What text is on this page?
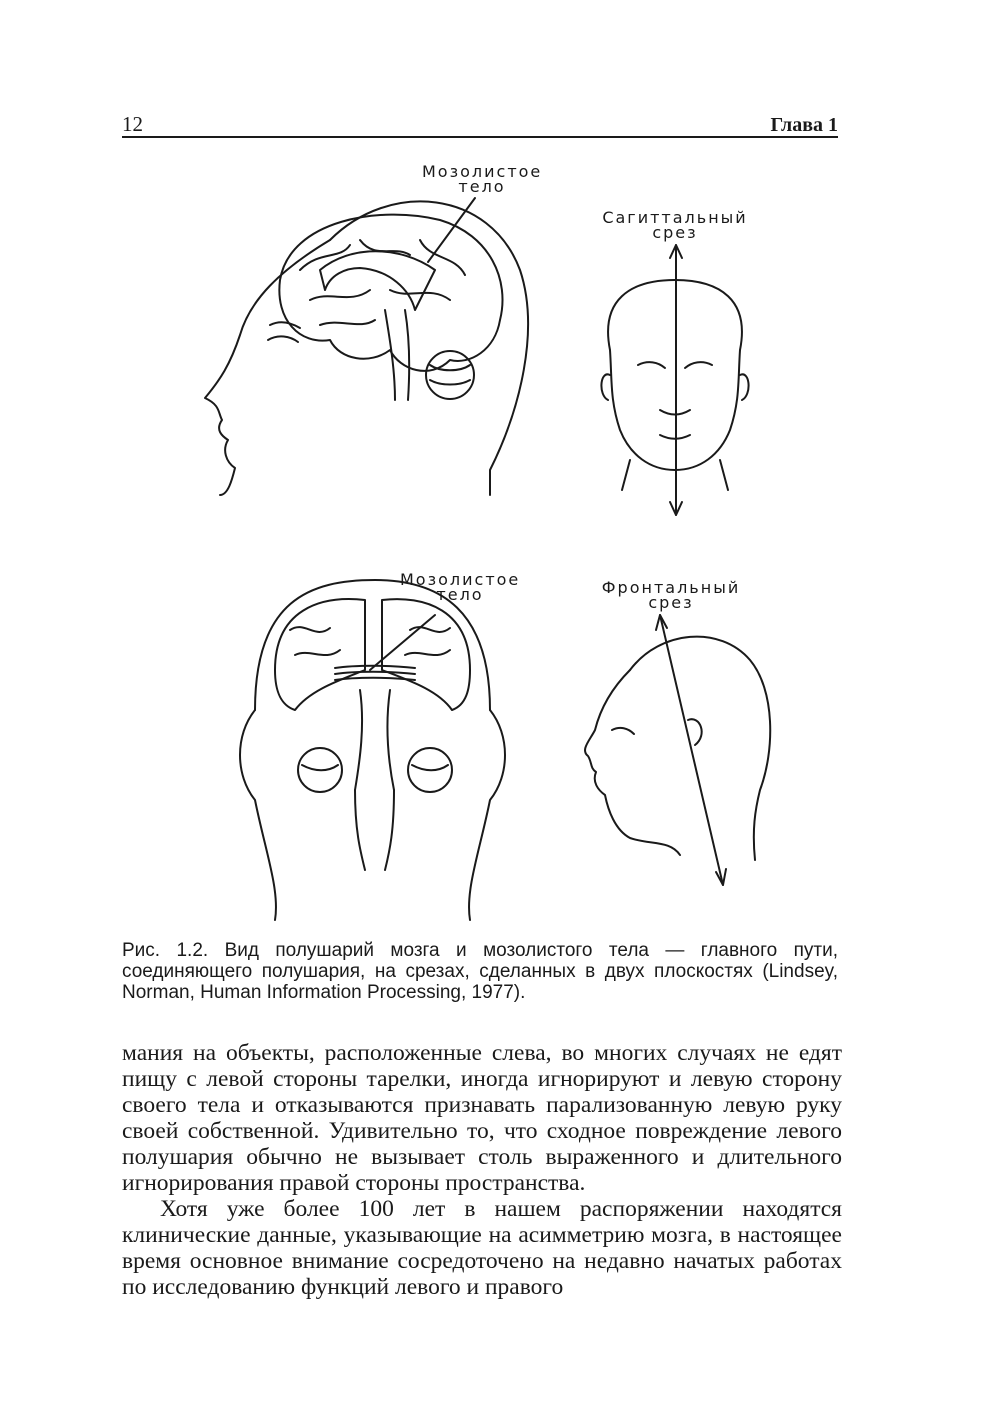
12	Глава 1
Мозолистое
тело
Сагиттальный
срез
Мозолистое
тело	Фронтальный
срез
Рис. 1.2. Вид полушарий мозга и мозолистого тела — главного пути, соединяющего полушария, на срезах, сделанных в двух плоскостях (Lindsey, Norman, Human Information Processing, 1977).

мания на объекты, расположенные слева, во многих случаях не едят пищу с левой стороны тарелки, иногда игнорируют и левую сторону своего тела и отказываются признавать парализованную левую руку своей собственной. Удивительно то, что сходное повреждение левого полушария обычно не вызывает столь выраженного и длительного игнорирования правой стороны пространства.

Хотя уже более 100 лет в нашем распоряжении находятся клинические данные, указывающие на асимметрию мозга, в настоящее время основное внимание сосредоточено на недавно начатых работах по исследованию функций левого и правого
